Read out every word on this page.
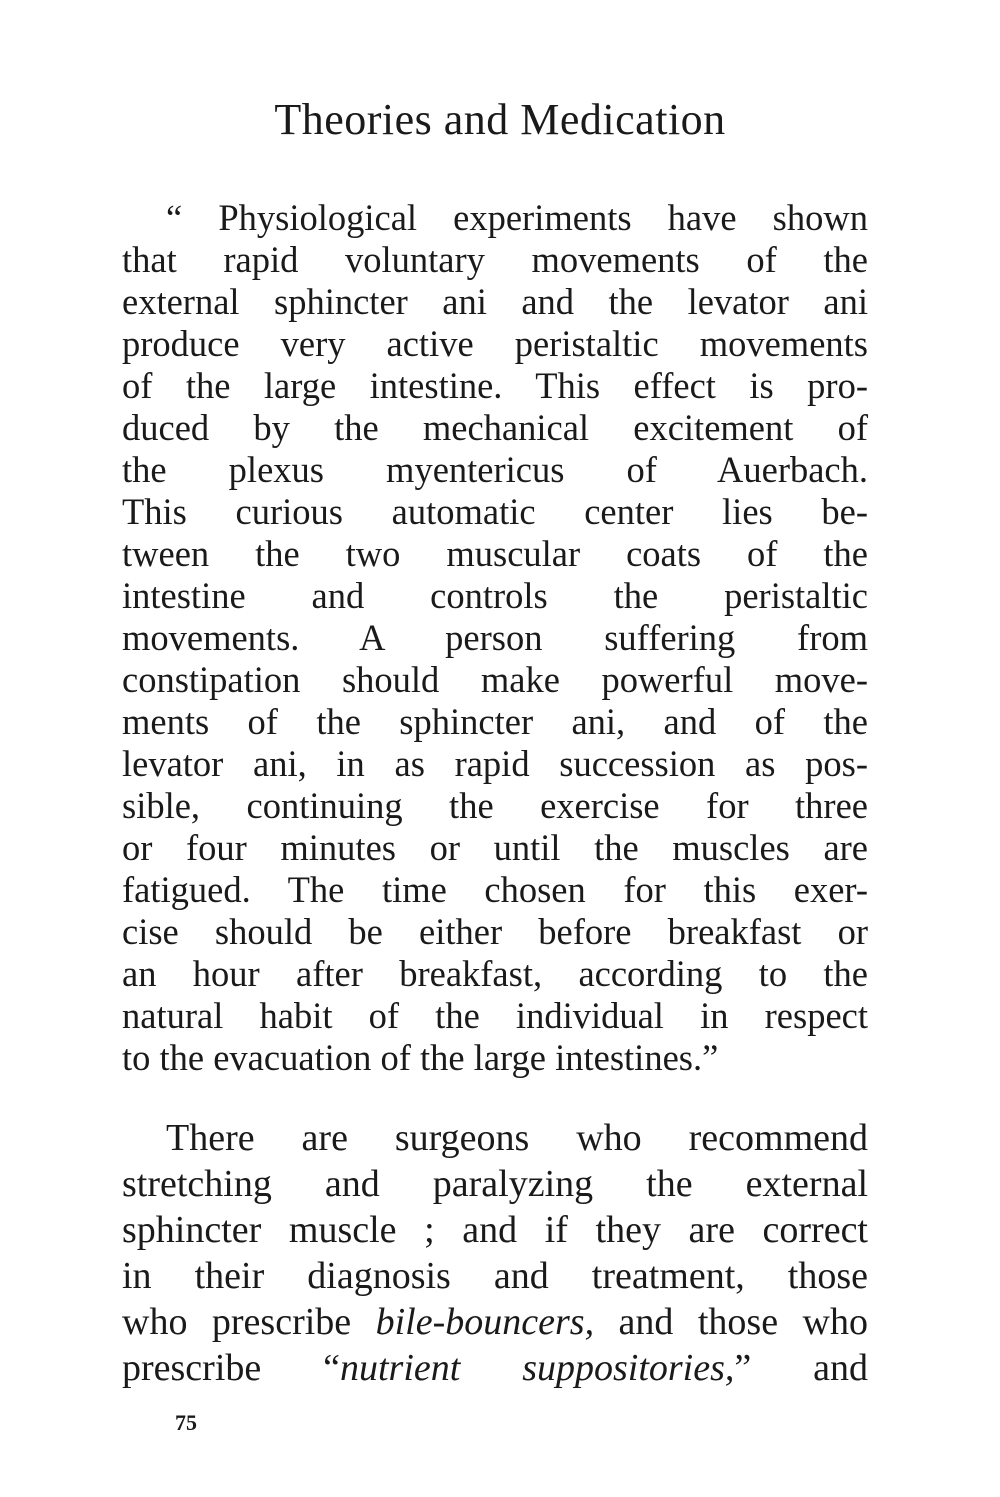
Theories and Medication
“ Physiological experiments have shown
that rapid voluntary movements of the
external sphincter ani and the levator ani
produce very active peristaltic movements
of the large intestine. This effect is pro-
duced by the mechanical excitement of
the plexus myentericus of Auerbach.
This curious automatic center lies be-
tween the two muscular coats of the
intestine and controls the peristaltic
movements. A person suffering from
constipation should make powerful move-
ments of the sphincter ani, and of the
levator ani, in as rapid succession as pos-
sible, continuing the exercise for three
or four minutes or until the muscles are
fatigued. The time chosen for this exer-
cise should be either before breakfast or
an hour after breakfast, according to the
natural habit of the individual in respect
to the evacuation of the large intestines.”
There are surgeons who recommend
stretching and paralyzing the external
sphincter muscle ; and if they are correct
in their diagnosis and treatment, those
who prescribe bile-bouncers, and those who
prescribe “nutrient suppositories,” and
75
